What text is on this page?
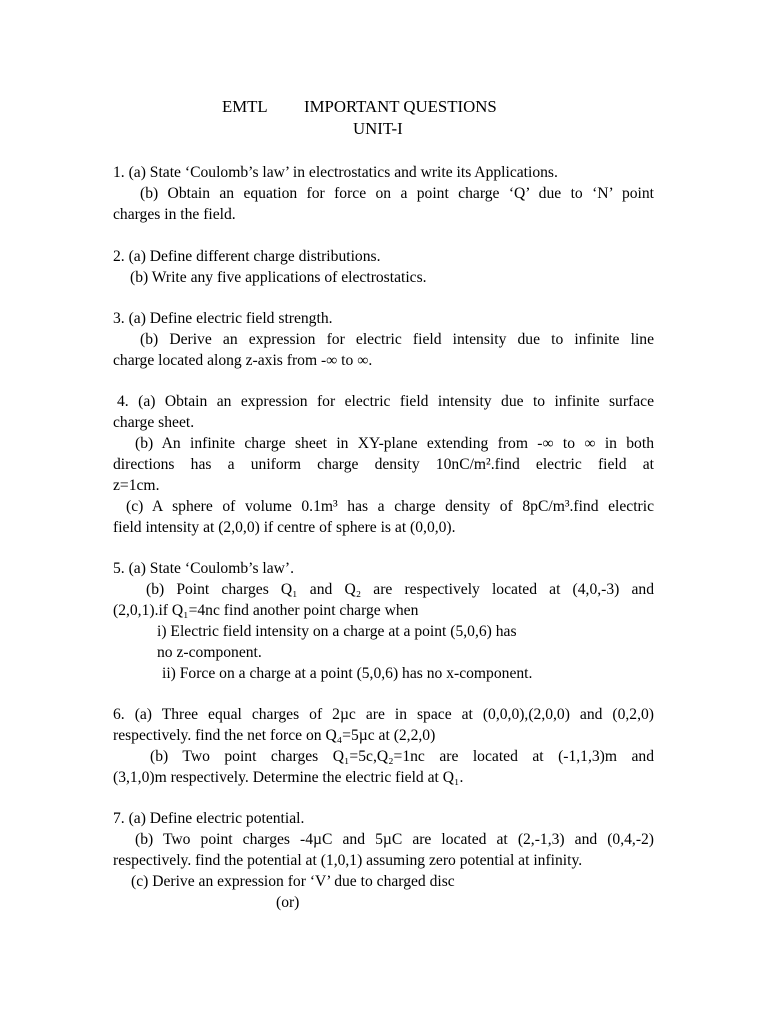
EMTL IMPORTANT QUESTIONS
UNIT-I
1. (a) State ‘Coulomb’s law’ in electrostatics and write its Applications.
(b) Obtain an equation for force on a point charge ‘Q’ due to ‘N’ point
charges in the field.
2. (a) Define different charge distributions.
(b) Write any five applications of electrostatics.
3. (a) Define electric field strength.
(b) Derive an expression for electric field intensity due to infinite line
charge located along z-axis from -∞ to ∞.
4. (a) Obtain an expression for electric field intensity due to infinite surface
charge sheet.
(b) An infinite charge sheet in XY-plane extending from -∞ to ∞ in both
directions has a uniform charge density 10nC/m².find electric field at
z=1cm.
(c) A sphere of volume 0.1m³ has a charge density of 8pC/m³.find electric
field intensity at (2,0,0) if centre of sphere is at (0,0,0).
5. (a) State ‘Coulomb’s law’.
(b) Point charges Q₁ and Q₂ are respectively located at (4,0,-3) and
(2,0,1).if Q₁=4nc find another point charge when
i) Electric field intensity on a charge at a point (5,0,6) has
no z-component.
ii) Force on a charge at a point (5,0,6) has no x-component.
6. (a) Three equal charges of 2µc are in space at (0,0,0),(2,0,0) and (0,2,0)
respectively. find the net force on Q₄=5µc at (2,2,0)
(b) Two point charges Q₁=5c,Q₂=1nc are located at (-1,1,3)m and
(3,1,0)m respectively. Determine the electric field at Q₁.
7. (a) Define electric potential.
(b) Two point charges -4µC and 5µC are located at (2,-1,3) and (0,4,-2)
respectively. find the potential at (1,0,1) assuming zero potential at infinity.
(c) Derive an expression for ‘V’ due to charged disc
(or)
